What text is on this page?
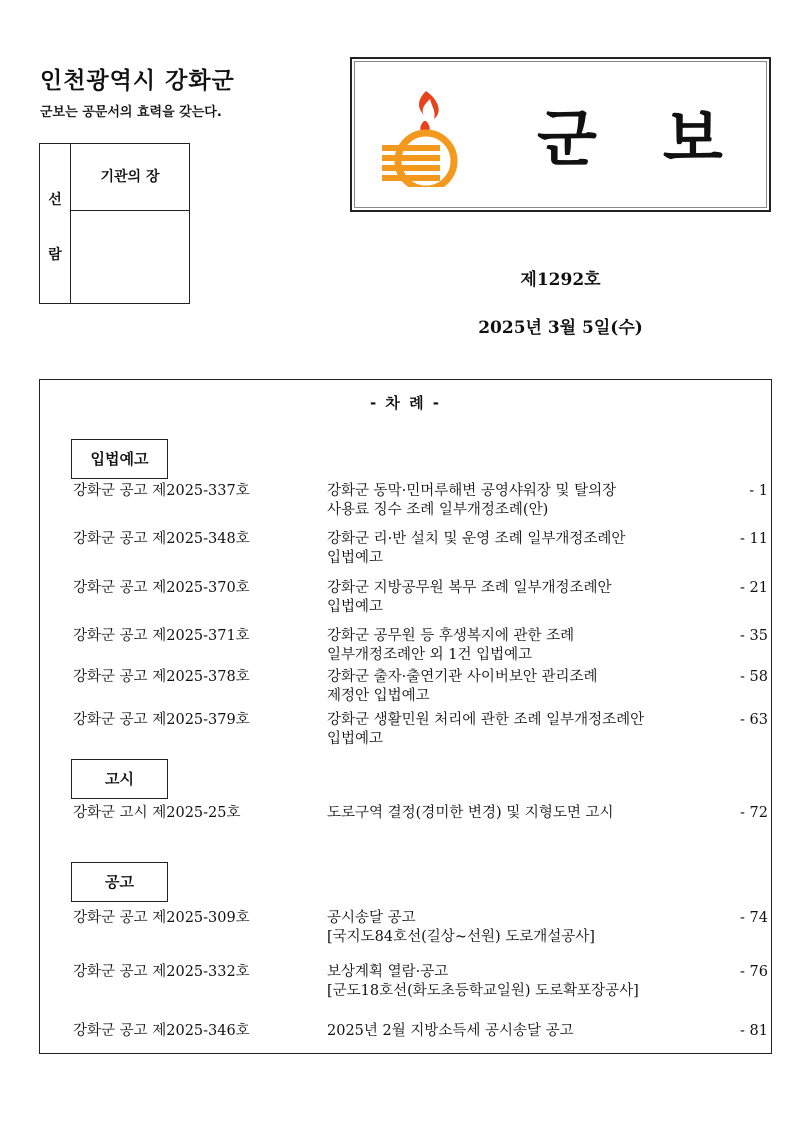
인천광역시 강화군
군보는 공문서의 효력을 갖는다.
선
람
기관의 장
군보
제1292호
2025년 3월 5일(수)
- 차 례 -
입법예고
강화군 공고 제2025-337호	강화군 동막·민머루해변 공영샤워장 및 탈의장
사용료 징수 조례 일부개정조례(안)
- 1
강화군 공고 제2025-348호	강화군 리·반 설치 및 운영 조례 일부개정조례안
입법예고
- 11
강화군 공고 제2025-370호	강화군 지방공무원 복무 조례 일부개정조례안
입법예고
- 21
강화군 공고 제2025-371호	강화군 공무원 등 후생복지에 관한 조례
일부개정조례안 외 1건 입법예고
- 35
강화군 공고 제2025-378호	강화군 출자·출연기관 사이버보안 관리조례
제정안 입법예고
- 58
강화군 공고 제2025-379호	강화군 생활민원 처리에 관한 조례 일부개정조례안
입법예고
- 63
고시
강화군 고시 제2025-25호	도로구역 결정(경미한 변경) 및 지형도면 고시	- 72
공고
강화군 공고 제2025-309호	공시송달 공고
[국지도84호선(길상~선원) 도로개설공사]
- 74
강화군 공고 제2025-332호	보상계획 열람·공고
[군도18호선(화도초등학교일원) 도로확포장공사]
- 76
강화군 공고 제2025-346호	2025년 2월 지방소득세 공시송달 공고	- 81
